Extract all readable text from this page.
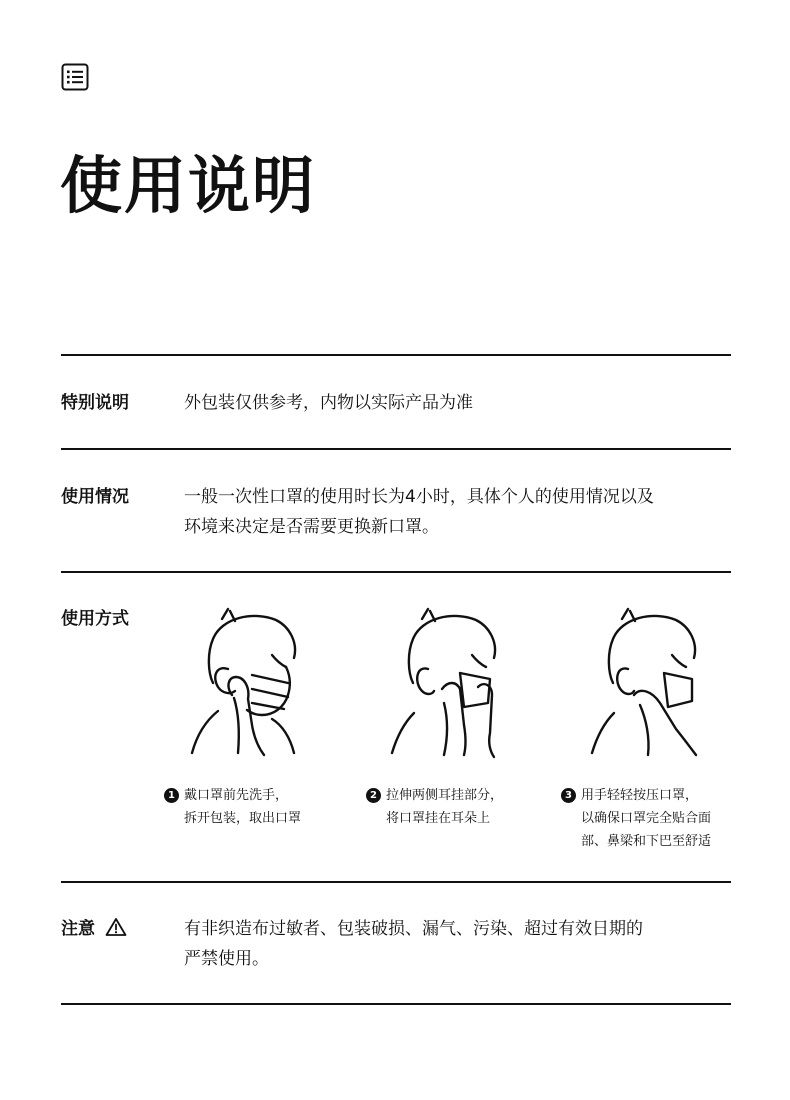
使用说明
特别说明	外包装仅供参考，内物以实际产品为准
使用情况	一般一次性口罩的使用时长为4小时，具体个人的使用情况以及
环境来决定是否需要更换新口罩。
使用方式
1 戴口罩前先洗手，
拆开包装，取出口罩
2 拉伸两侧耳挂部分，
将口罩挂在耳朵上
3 用手轻轻按压口罩，
以确保口罩完全贴合面
部、鼻梁和下巴至舒适
注意	有非织造布过敏者、包装破损、漏气、污染、超过有效日期的
严禁使用。
